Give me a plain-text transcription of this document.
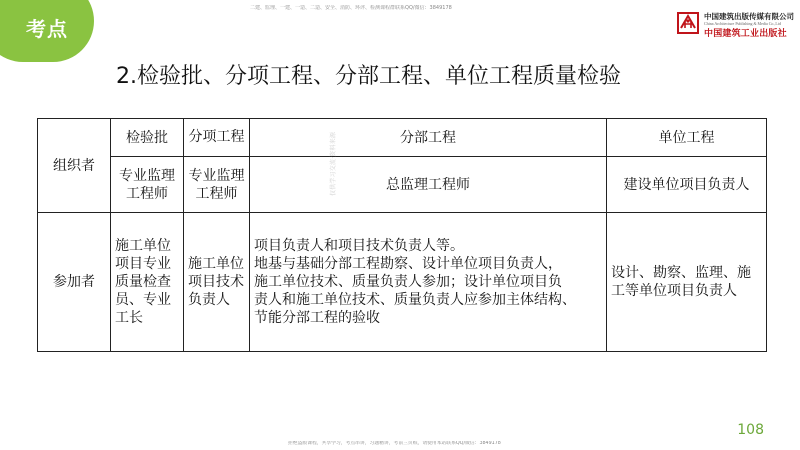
考点
二建、监理、一建、一造、二造、安全、消防、环评、检测课程群联系QQ/微信：3849178
中国建筑出版传媒有限公司
China Architecture Publishing & Media Co.,Ltd
中国建筑工业出版社
2.检验批、分项工程、分部工程、单位工程质量检验
组织者	检验批	分项工程	分部工程	单位工程
	专业监理工程师	专业监理工程师	总监理工程师	建设单位项目负责人
参加者	施工单位项目专业质量检查员、专业工长	施工单位项目技术负责人	项目负责人和项目技术负责人等。
地基与基础分部工程勘察、设计单位项目负责人，
施工单位技术、质量负责人参加；设计单位项目负
责人和施工单位技术、质量负责人应参加主体结构、
节能分部工程的验收	设计、勘察、监理、施工等单位项目负责人
仅供学习交流·资料来源
108
拒绝盗版课程，共享学习，考点串讲，习题精讲，考前三页纸，请使用本站联系QQ/微信：3849178
